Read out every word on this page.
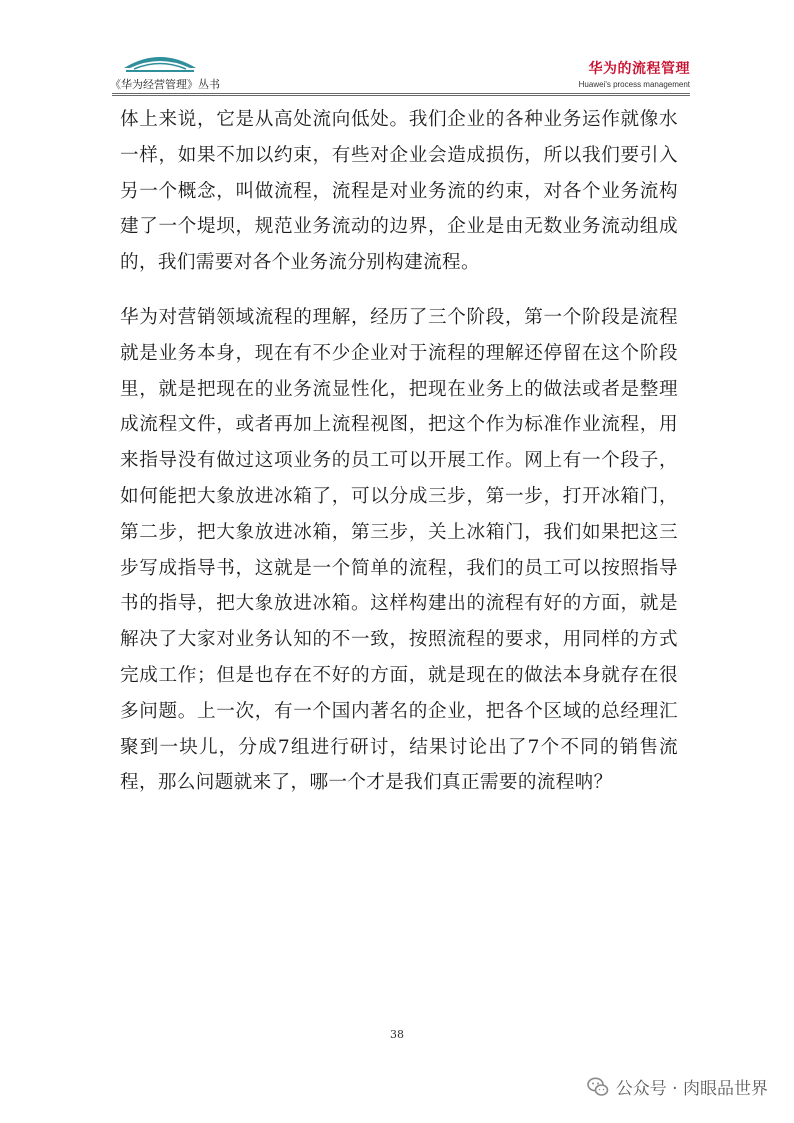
《华为经营管理》丛书
华为的流程管理
Huawei's process management

体上来说，它是从高处流向低处。我们企业的各种业务运作就像水一样，如果不加以约束，有些对企业会造成损伤，所以我们要引入另一个概念，叫做流程，流程是对业务流的约束，对各个业务流构建了一个堤坝，规范业务流动的边界，企业是由无数业务流动组成的，我们需要对各个业务流分别构建流程。

华为对营销领域流程的理解，经历了三个阶段，第一个阶段是流程就是业务本身，现在有不少企业对于流程的理解还停留在这个阶段里，就是把现在的业务流显性化，把现在业务上的做法或者是整理成流程文件，或者再加上流程视图，把这个作为标准作业流程，用来指导没有做过这项业务的员工可以开展工作。网上有一个段子，如何能把大象放进冰箱了，可以分成三步，第一步，打开冰箱门，第二步，把大象放进冰箱，第三步，关上冰箱门，我们如果把这三步写成指导书，这就是一个简单的流程，我们的员工可以按照指导书的指导，把大象放进冰箱。这样构建出的流程有好的方面，就是解决了大家对业务认知的不一致，按照流程的要求，用同样的方式完成工作；但是也存在不好的方面，就是现在的做法本身就存在很多问题。上一次，有一个国内著名的企业，把各个区域的总经理汇聚到一块儿，分成7组进行研讨，结果讨论出了7个不同的销售流程，那么问题就来了，哪一个才是我们真正需要的流程呐？

38
公众号 · 肉眼品世界
